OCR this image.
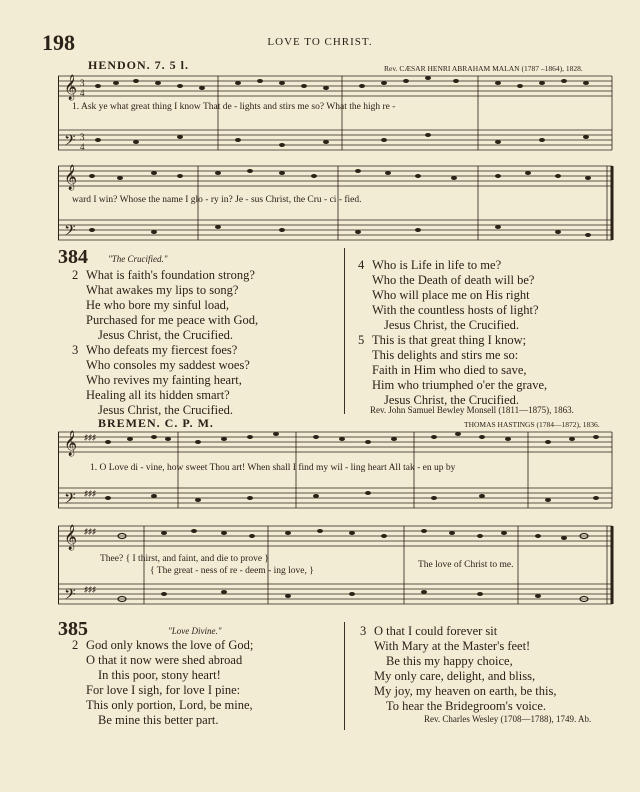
198	LOVE TO CHRIST.
HENDON. 7. 5 l.	Rev. CÆSAR HENRI ABRAHAM MALAN (1787 –1864), 1828.
𝄞
𝄢
3
4
3
4
1. Ask ye what great thing I know That de - lights and stirs me so? What the high re -
𝄞
𝄢
ward I win? Whose the name I glo - ry in? Je - sus Christ, the Cru - ci - fied.
384 "The Crucified."
2 What is faith's foundation strong?
What awakes my lips to song?
He who bore my sinful load,
Purchased for me peace with God,
Jesus Christ, the Crucified.
3 Who defeats my fiercest foes?
Who consoles my saddest woes?
Who revives my fainting heart,
Healing all its hidden smart?
Jesus Christ, the Crucified.
4 Who is Life in life to me?
Who the Death of death will be?
Who will place me on His right
With the countless hosts of light?
Jesus Christ, the Crucified.
5 This is that great thing I know;
This delights and stirs me so:
Faith in Him who died to save,
Him who triumphed o'er the grave,
Jesus Christ, the Crucified.
Rev. John Samuel Bewley Monsell (1811—1875), 1863.
BREMEN. C. P. M.	THOMAS HASTINGS (1784—1872), 1836.
𝄞
𝄢
♯♯♯
♯♯♯
1. O Love di - vine, how sweet Thou art! When shall I find my wil - ling heart All tak - en up by
𝄞
𝄢
♯♯♯
♯♯♯
Thee? { I thirst, and faint, and die to prove }
{ The great - ness of re - deem - ing love, }
The love of Christ to me.
385	"Love Divine."
2 God only knows the love of God;
O that it now were shed abroad
In this poor, stony heart!
For love I sigh, for love I pine:
This only portion, Lord, be mine,
Be mine this better part.
3 O that I could forever sit
With Mary at the Master's feet!
Be this my happy choice,
My only care, delight, and bliss,
My joy, my heaven on earth, be this,
To hear the Bridegroom's voice.
Rev. Charles Wesley (1708—1788), 1749. Ab.
